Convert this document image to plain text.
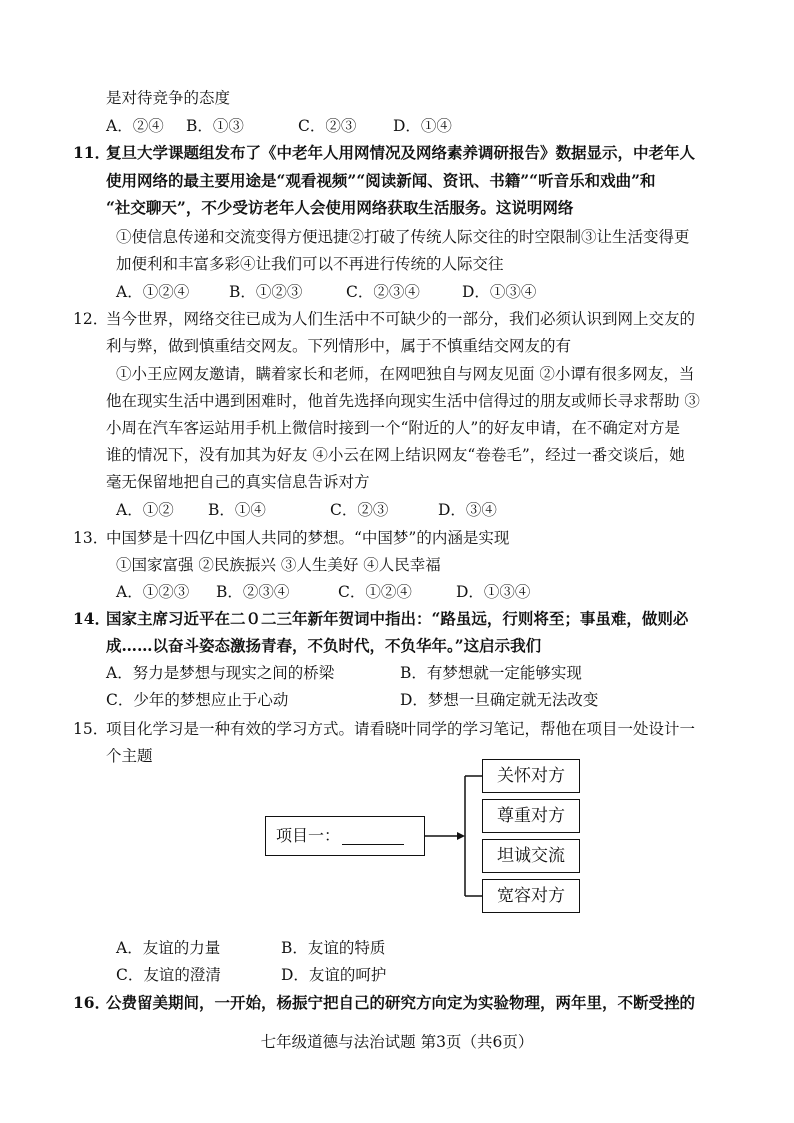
是对待竞争的态度
A．②④ B．①③	C．②③ D．①④
11．复旦大学课题组发布了《中老年人用网情况及网络素养调研报告》数据显示，中老年人
使用网络的最主要用途是“观看视频”“阅读新闻、资讯、书籍”“听音乐和戏曲”和
“社交聊天”，不少受访老年人会使用网络获取生活服务。这说明网络
①使信息传递和交流变得方便迅捷②打破了传统人际交往的时空限制③让生活变得更
加便利和丰富多彩④让我们可以不再进行传统的人际交往
A．①②④	B．①②③	C．②③④	D．①③④
12．当今世界，网络交往已成为人们生活中不可缺少的一部分，我们必须认识到网上交友的
利与弊，做到慎重结交网友。下列情形中，属于不慎重结交网友的有
①小王应网友邀请，瞒着家长和老师，在网吧独自与网友见面 ②小谭有很多网友，当
他在现实生活中遇到困难时，他首先选择向现实生活中信得过的朋友或师长寻求帮助 ③
小周在汽车客运站用手机上微信时接到一个“附近的人”的好友申请，在不确定对方是
谁的情况下，没有加其为好友 ④小云在网上结识网友“卷卷毛”，经过一番交谈后，她
毫无保留地把自己的真实信息告诉对方
A．①② B．①④	C．②③	D．③④
13．中国梦是十四亿中国人共同的梦想。“中国梦”的内涵是实现
①国家富强 ②民族振兴 ③人生美好 ④人民幸福
A．①②③ B．②③④	C．①②④	D．①③④
14．国家主席习近平在二０二三年新年贺词中指出：“路虽远，行则将至；事虽难，做则必
成……以奋斗姿态激扬青春，不负时代，不负华年。”这启示我们
A．努力是梦想与现实之间的桥梁	B．有梦想就一定能够实现
C．少年的梦想应止于心动	D．梦想一旦确定就无法改变
15．项目化学习是一种有效的学习方式。请看晓叶同学的学习笔记，帮他在项目一处设计一
个主题
项目一：
关怀对方
尊重对方
坦诚交流
宽容对方
A．友谊的力量	B．友谊的特质
C．友谊的澄清	D．友谊的呵护
16．公费留美期间，一开始，杨振宁把自己的研究方向定为实验物理，两年里，不断受挫的
七年级道德与法治试题 第3页（共6页）
